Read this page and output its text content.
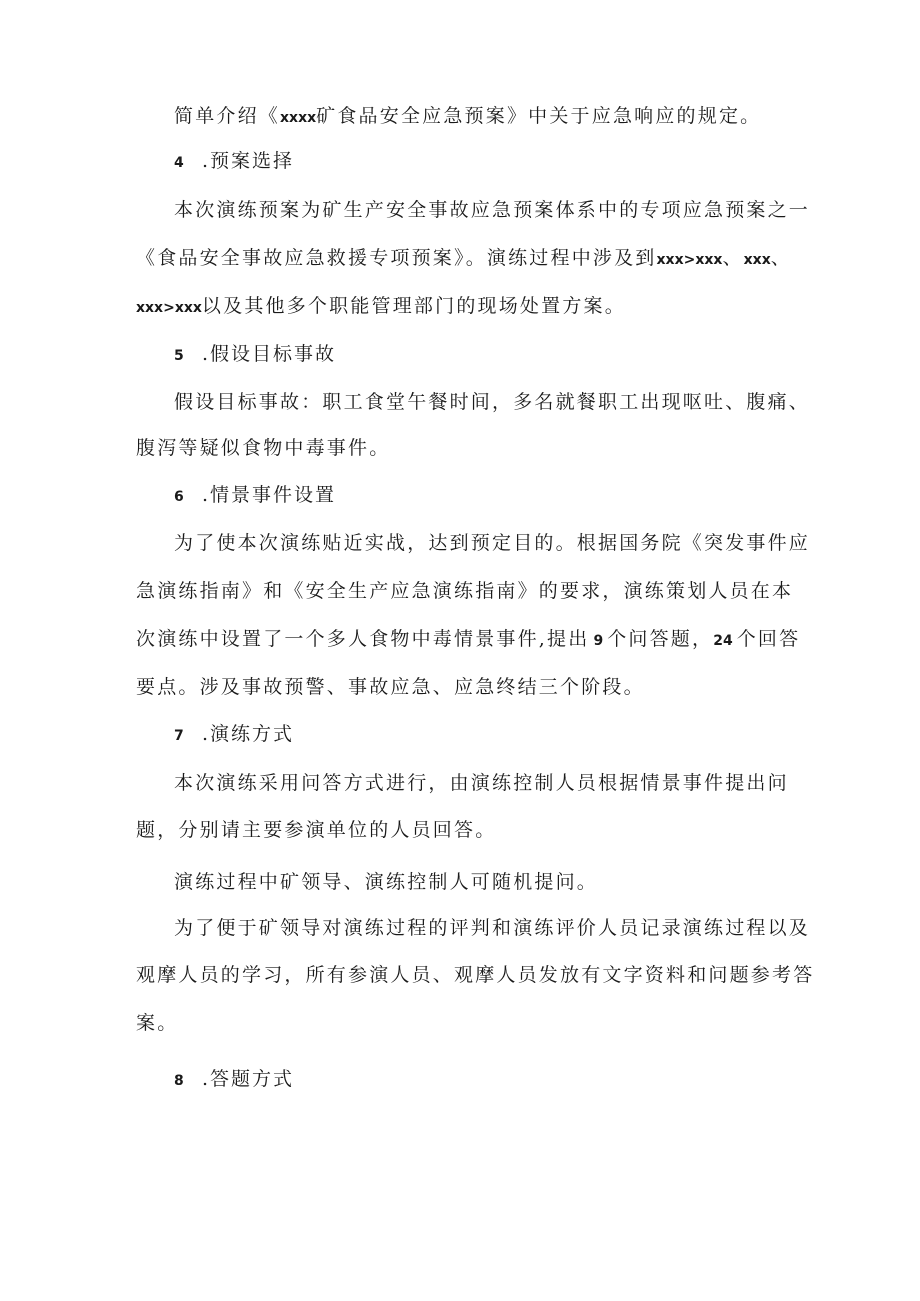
简单介绍《xxxx矿食品安全应急预案》中关于应急响应的规定。
4 .预案选择
本次演练预案为矿生产安全事故应急预案体系中的专项应急预案之一
《食品安全事故应急救援专项预案》。演练过程中涉及到xxx>xxx、xxx、
xxx>xxx以及其他多个职能管理部门的现场处置方案。
5 .假设目标事故
假设目标事故：职工食堂午餐时间，多名就餐职工出现呕吐、腹痛、
腹泻等疑似食物中毒事件。
6 .情景事件设置
为了使本次演练贴近实战，达到预定目的。根据国务院《突发事件应
急演练指南》和《安全生产应急演练指南》的要求，演练策划人员在本
次演练中设置了一个多人食物中毒情景事件,提出 9 个问答题，24 个回答
要点。涉及事故预警、事故应急、应急终结三个阶段。
7 .演练方式
本次演练采用问答方式进行，由演练控制人员根据情景事件提出问
题，分别请主要参演单位的人员回答。
演练过程中矿领导、演练控制人可随机提问。
为了便于矿领导对演练过程的评判和演练评价人员记录演练过程以及
观摩人员的学习，所有参演人员、观摩人员发放有文字资料和问题参考答
案。
8 .答题方式
